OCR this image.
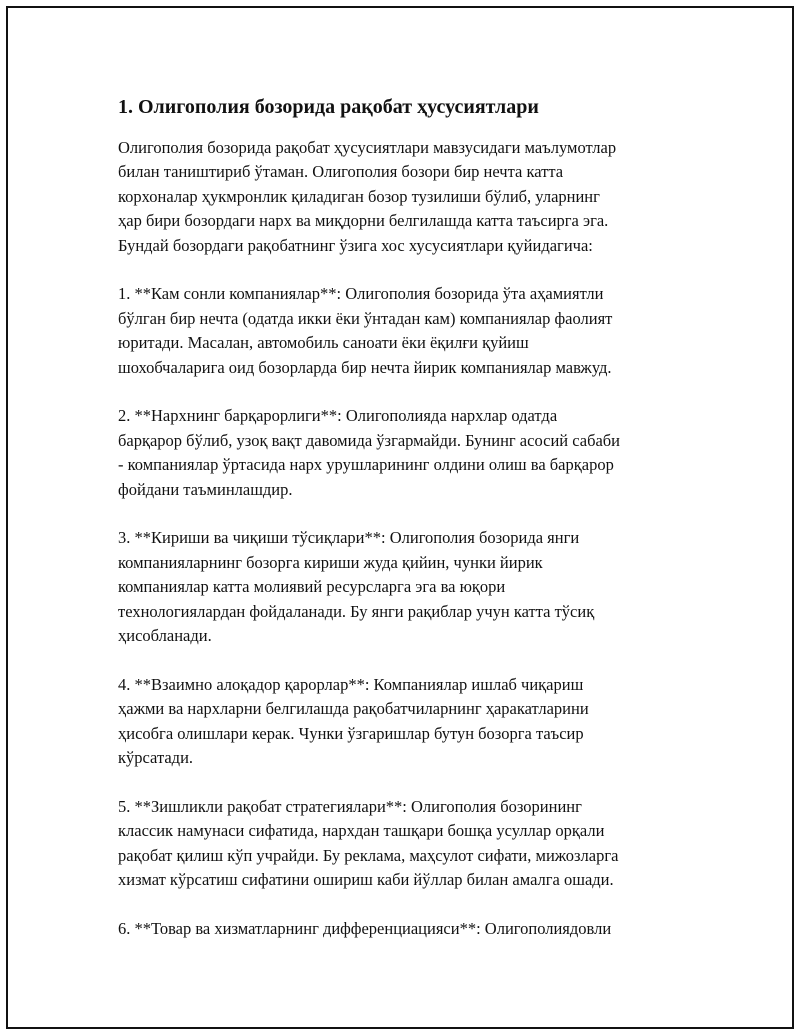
1. Олигополия бозорида рақобат ҳусусиятлари

Олигополия бозорида рақобат ҳусусиятлари мавзусидаги маълумотлар
билан таништириб ўтаман. Олигополия бозори бир нечта катта
корхоналар ҳукмронлик қиладиган бозор тузилиши бўлиб, уларнинг
ҳар бири бозордаги нарх ва миқдорни белгилашда катта таъсирга эга.
Бундай бозордаги рақобатнинг ўзига хос хусусиятлари қуйидагича:

1. **Кам сонли компаниялар**: Олигополия бозорида ўта аҳамиятли
бўлган бир нечта (одатда икки ёки ўнтадан кам) компаниялар фаолият
юритади. Масалан, автомобиль саноати ёки ёқилғи қуйиш
шохобчаларига оид бозорларда бир нечта йирик компаниялар мавжуд.

2. **Нархнинг барқарорлиги**: Олигополияда нархлар одатда
барқарор бўлиб, узоқ вақт давомида ўзгармайди. Бунинг асосий сабаби
- компаниялар ўртасида нарх урушларининг олдини олиш ва барқарор
фойдани таъминлашдир.

3. **Кириши ва чиқиши тўсиқлари**: Олигополия бозорида янги
компанияларнинг бозорга кириши жуда қийин, чунки йирик
компаниялар катта молиявий ресурсларга эга ва юқори
технологиялардан фойдаланади. Бу янги рақиблар учун катта тўсиқ
ҳисобланади.

4. **Взаимно алоқадор қарорлар**: Компаниялар ишлаб чиқариш
ҳажми ва нархларни белгилашда рақобатчиларнинг ҳаракатларини
ҳисобга олишлари керак. Чунки ўзгаришлар бутун бозорга таъсир
кўрсатади.

5. **Зишликли рақобат стратегиялари**: Олигополия бозорининг
классик намунаси сифатида, нархдан ташқари бошқа усуллар орқали
рақобат қилиш кўп учрайди. Бу реклама, маҳсулот сифати, мижозларга
хизмат кўрсатиш сифатини ошириш каби йўллар билан амалга ошади.

6. **Товар ва хизматларнинг дифференциацияси**: Олигополиядовли
